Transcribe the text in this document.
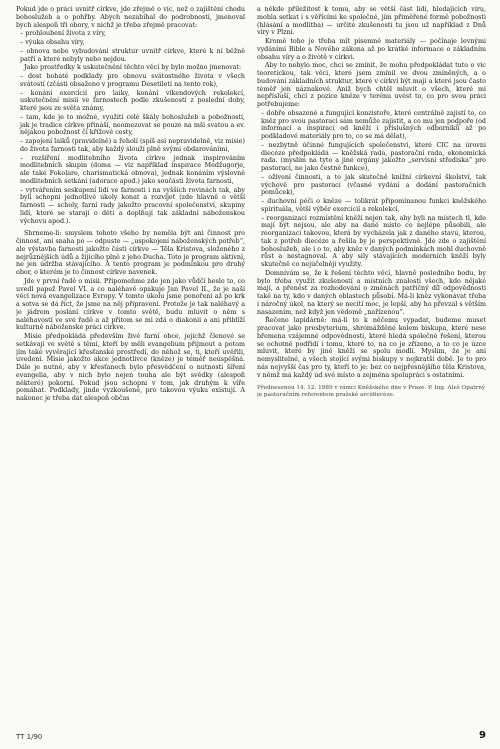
Pokud jde o práci uvnitř církve, jde zřejmě o víc, než o zajištění chodu bohoslužeb a o pohřby. Abych nezabíhal do podrobností, jmenoval bych alespoň tři obory, v nichž je třeba zřejmě pracovat:

– prohloubení života z víry,

– výuka obsahu víry,

– obnova nebo vybudování struktur uvnitř církve, které k ní běžně patří a které nebyly nebo nejdou.

Jako prostředky k uskutečnění těchto věcí by bylo možno jmenovat:

– dost bohaté podklady pro obnovu svátostného života v všech svátostí (zčásti obsaženo v programu Desetiletí na tento rok),

– konání exercicií pro laiky, konání víkendových rekolekcí, uskutečnění misií ve farnostech podle zkušeností z poslední doby, které jsou ze světa známy,

– tam, kde je to možné, využití celé škály bohoslužeb a pobožností, jak je tradice církve přináší, neomezovat se pouze na mši svatou a ev. nějakou pobožnost či křížové cesty,

– zapojení laiků (pravidelně) a řeholí (spíš asi nepravidelně, viz misie) do života farnosti tak, aby každý slouží plně svými obdarováními,

– rozšíření modlitebního života církve jednak inspirováním modlitebních skupin (doma — viz například inspirace Medžugorje, ale také Fokolare, charismatická obnova), jednak konáním výslovně modlitebních setkání (adorace apod.) jako součásti života farnosti,

– vytvářením seskupení lidí ve farnosti i na vyšších rovinách tak, aby byli schopni jednotlivé úkoly konat a rozvíjet (zde hlavně o větší farnosti — scholy, farní rady jakožto pracovní společenství, skupiny lidí, které se starají o děti a doplňují tak základní náboženskou výchovu apod.).

Shrneme-li: smyslem tohoto všeho by neměla být ani činnost pro činnost, ani snaha po — odpuste — „uspokojení náboženských potřeb“, ale výstavba farnosti jakožto části církve — Těla Kristova, složeného z nejrůznějších údů a žijícího plně z jeho Ducha. Toto je program aktivní, ne jen údržba stávajícího. A tento program je podmínkou pro druhý obor, o kterém je to činnost církve navenek.

Jde v první řadě o misii. Připomeňme zde jen jako vůdčí heslo to, co uvedl papež Pavel VI. a co naléhavě opakuje Jan Pavel II., že je naší věcí nová evangelizace Evropy. V tomto úkolu jsme ponořeni až po krk a sotva se dá říct, že jsme na něj připraveni. Protože je tak naléhavý a je jádrem poslání církve v tomto světě, budu mluvit o něm s naléhavostí ve své řadě a až přitom se mi zdá o diakonii a ani přiblíží kulturně náboženské práci církve.

Misie předpokládá především živé farní obce, jejichž členové se setkávají ve světě s těmi, kteří by měli evangelium přijmout a potom jím také vyvěrající křesťanské prostředí, do něhož se, ti, kteří uvěřili, uvedeni. Misie jakožto akce jednotlivce (kněze) je téměř neúspěšná. Dále je nutné, aby v křesťanech bylo přesvědčení o nutnosti šíření evangelia, aby v nich bylo nejen touha ale být svědky (alespoň některé) pokorní. Pokud jsou schopni v tom, jak druhým k víře pomáhat. Podklady, jinde vyzkoušené, pro takovou výuku existují. A nakonec je třeba dát alespoň občas

a někde příležitost k tomu, aby se větší část lidí, hledajících víru, mohla setkat i s věřícími ke společné, jím přiměřené formě pobožnosti (hlásání a modlitba) — určité zkušenosti tu jsou už například z Dnů víry v Plzni.

Kromě toho je třeba mít písemné materiály — počínaje levnými vydáními Bible a Nového zákona až po krátké informace o základním obsahu víry a o životě v církvi.

Aby to nebylo moc, chci se zmínit, že mohu předpokládat tuto o víc teoretickou, tak věci, které jsem zmínil ve dvou zmíněných, a o budování základních struktur, které v církvi být mají a které jsou často téměř jen náznakové. Aniž bych chtěl mluvit o všech, které mi nepřísluší, chci z pozice kněze v terénu uvést to, co pro svou práci potřebujeme:

– dobře obsazené a fungující konzistoře, které centrálně zajistí to, co kněz pro svou pastoraci sám nemůže zajistit, a co mu jen podpoře (od informací a inspirací od kněží i příslušných odborníků až po podkladové materiály pro to, co se má dělat),

– nezbytně účinné fungujících společenství, které CIC na úrovni diecéze předpokládá — kněžská rada, pastorační rada, ekonomická rada. (myslím na tyto a jiné orgány jakožto „servisní střediska“ pro pastoraci, ne jako čestné funkce),

– oživení činnosti, a to jak skutečně knížní církevní školství, tak výchově pro pastoraci (včasné vydání a dodání pastoračních pomůcek),

– duchovní péči o kněze — tolikrát připomínanou funkci kněžského spirituála, větší výběr exercicií a rekolekcí,

– reorganizaci rozmístění kněží nejen tak, aby byli na místech tl, kde mají být nejsou, ale aby na dané místo co nejlépe působili, ale reorganizaci takovou, která by vycházela jak z daného stavu, kterou, tak z potřeb diecéze a řešila by je perspektivně. Jde zde o zajištění bohoslužeb, ale i o to, aby kněz v daných podmínkách mohl duchovně růst a nestagnoval. A aby sily stávajících moderních kněží byly skutečně co nejúčelněji využity.

Domnívám se, že k řešení těchto věcí, hlavně posledního bodu, by bylo třeba využít zkušeností a místních znalostí všech, kdo nějaké mají, a přenést za rozhodování o změnách patřičný díl odpovědnosti také na ty, kdo v daných oblastech působí. Má-li kněz vykonávat třeba i náročný úkol, na který se necítí moc, je lepší, aby ho převzal s větším nasazením, než když jen vědomě „nařízenou“.

Řečeno lapidárně: má-li to k něčemu vypadat, budeme muset pracovat jako presbyterium, shromážděné kolem biskupa, které nese břemena vzájemné odpovědnosti, které hledá společné řešení, kterou se ochotně podřídí i tomu, které to, na co je zřízeno, a to co je úzce mluvit, které by jiné kněží se spolu modlí. Myslím, že je ani nemyslitelné, a všech stojící svými biskupy v nejkratší době. Je to pro nás nejvyšší čas pro ty, kteří to je: bez co nejpřesnějšího těla Kristova, v němž má každý úd své místo a zejména spolupráci s ostatními.

Přednesenou 14. 12. 1989 v rámci Kněžského dne v Praze. P. Ing. Aleš Opatrný je pastoračním referentem pražské arcidiecéze.

TT 1/90	9
